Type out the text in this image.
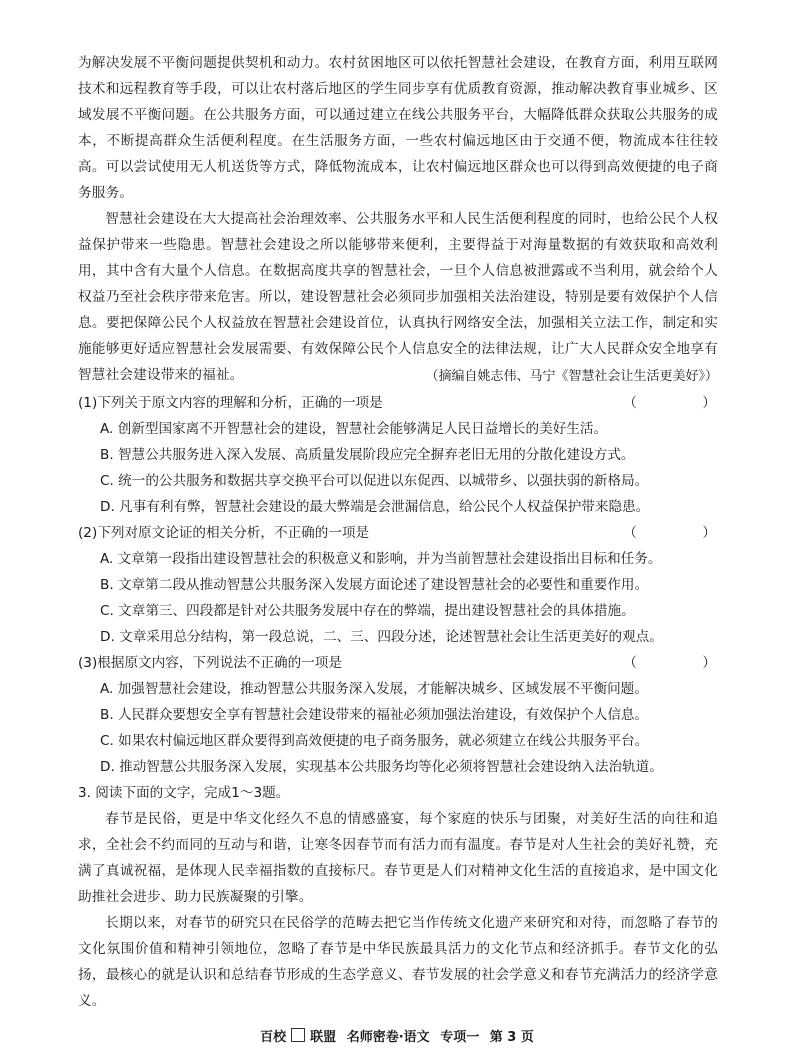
为解决发展不平衡问题提供契机和动力。农村贫困地区可以依托智慧社会建设，在教育方面，利用互联网技术和远程教育等手段，可以让农村落后地区的学生同步享有优质教育资源，推动解决教育事业城乡、区域发展不平衡问题。在公共服务方面，可以通过建立在线公共服务平台，大幅降低群众获取公共服务的成本，不断提高群众生活便利程度。在生活服务方面，一些农村偏远地区由于交通不便，物流成本往往较高。可以尝试使用无人机送货等方式，降低物流成本，让农村偏远地区群众也可以得到高效便捷的电子商务服务。

智慧社会建设在大大提高社会治理效率、公共服务水平和人民生活便利程度的同时，也给公民个人权益保护带来一些隐患。智慧社会建设之所以能够带来便利，主要得益于对海量数据的有效获取和高效利用，其中含有大量个人信息。在数据高度共享的智慧社会，一旦个人信息被泄露或不当利用，就会给个人权益乃至社会秩序带来危害。所以，建设智慧社会必须同步加强相关法治建设，特别是要有效保护个人信息。要把保障公民个人权益放在智慧社会建设首位，认真执行网络安全法，加强相关立法工作，制定和实施能够更好适应智慧社会发展需要、有效保障公民个人信息安全的法律法规，让广大人民群众安全地享有智慧社会建设带来的福祉。	（摘编自姚志伟、马宁《智慧社会让生活更美好》）
(1)下列关于原文内容的理解和分析，正确的一项是	（　）
A. 创新型国家离不开智慧社会的建设，智慧社会能够满足人民日益增长的美好生活。
B. 智慧公共服务进入深入发展、高质量发展阶段应完全摒弃老旧无用的分散化建设方式。
C. 统一的公共服务和数据共享交换平台可以促进以东促西、以城带乡、以强扶弱的新格局。
D. 凡事有利有弊，智慧社会建设的最大弊端是会泄漏信息，给公民个人权益保护带来隐患。
(2)下列对原文论证的相关分析，不正确的一项是	（　）
A. 文章第一段指出建设智慧社会的积极意义和影响，并为当前智慧社会建设指出目标和任务。
B. 文章第二段从推动智慧公共服务深入发展方面论述了建设智慧社会的必要性和重要作用。
C. 文章第三、四段都是针对公共服务发展中存在的弊端，提出建设智慧社会的具体措施。
D. 文章采用总分结构，第一段总说，二、三、四段分述，论述智慧社会让生活更美好的观点。
(3)根据原文内容，下列说法不正确的一项是	（　）
A. 加强智慧社会建设，推动智慧公共服务深入发展，才能解决城乡、区域发展不平衡问题。
B. 人民群众要想安全享有智慧社会建设带来的福祉必须加强法治建设，有效保护个人信息。
C. 如果农村偏远地区群众要得到高效便捷的电子商务服务，就必须建立在线公共服务平台。
D. 推动智慧公共服务深入发展，实现基本公共服务均等化必须将智慧社会建设纳入法治轨道。
3. 阅读下面的文字，完成1～3题。

春节是民俗，更是中华文化经久不息的情感盛宴，每个家庭的快乐与团聚，对美好生活的向往和追求，全社会不约而同的互动与和谐，让寒冬因春节而有活力而有温度。春节是对人生社会的美好礼赞，充满了真诚祝福，是体现人民幸福指数的直接标尺。春节更是人们对精神文化生活的直接追求，是中国文化助推社会进步、助力民族凝聚的引擎。

长期以来，对春节的研究只在民俗学的范畴去把它当作传统文化遗产来研究和对待，而忽略了春节的文化氛围价值和精神引领地位，忽略了春节是中华民族最具活力的文化节点和经济抓手。春节文化的弘扬，最核心的就是认识和总结春节形成的生态学意义、春节发展的社会学意义和春节充满活力的经济学意义。

百校 联盟 名师密卷·语文 专项一 第 3 页
